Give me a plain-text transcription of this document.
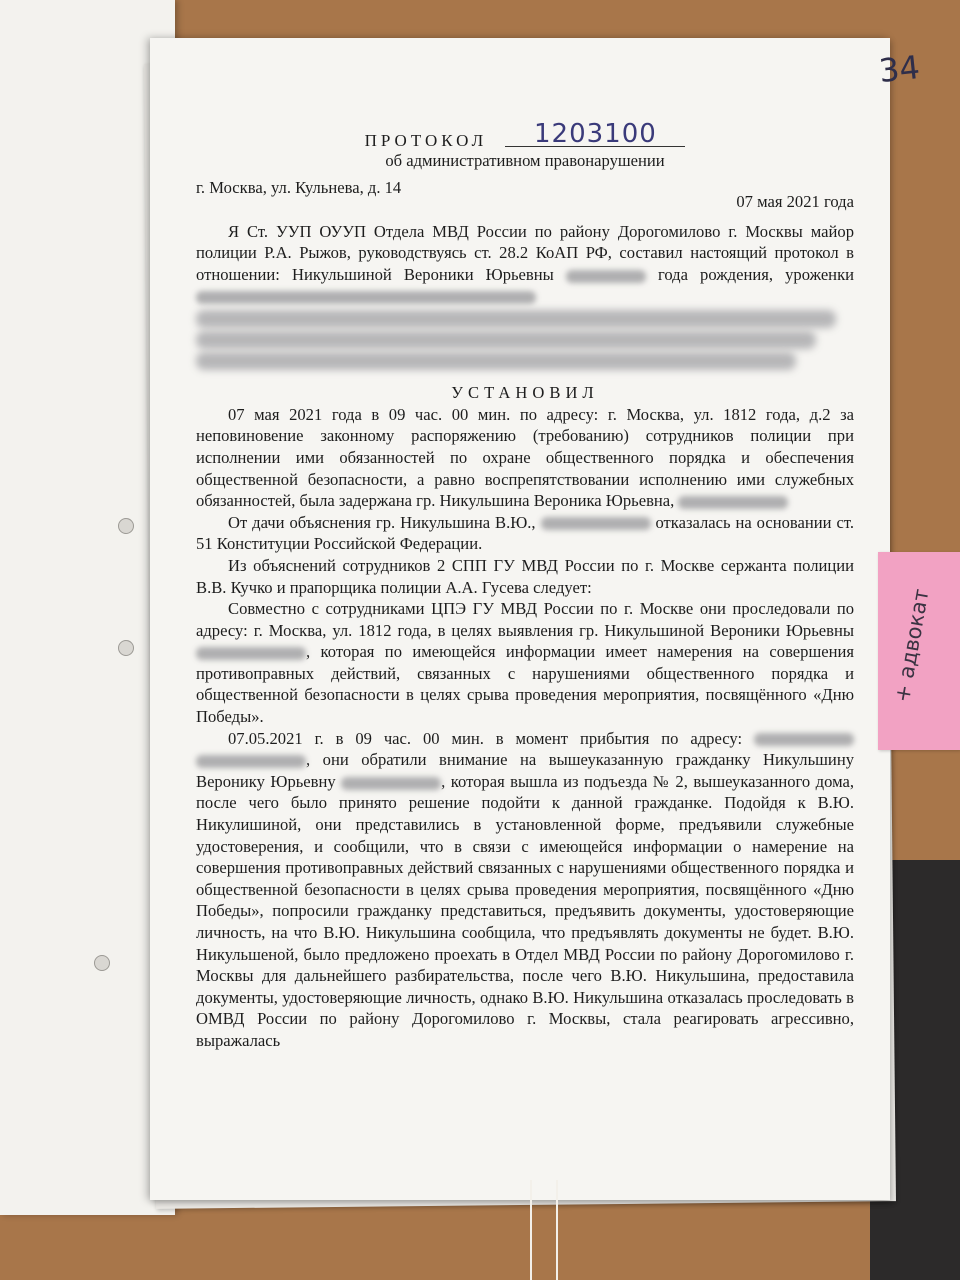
34
ПРОТОКОЛ 1203100
об административном правонарушении
г. Москва, ул. Кульнева, д. 14
07 мая 2021 года
Я Ст. УУП ОУУП Отдела МВД России по району Дорогомилово г. Москвы майор полиции Р.А. Рыжов, руководствуясь ст. 28.2 КоАП РФ, составил настоящий протокол в отношении: Никульшиной Вероники Юрьевны	года рождения, уроженки
УСТАНОВИЛ
07 мая 2021 года в 09 час. 00 мин. по адресу: г. Москва, ул. 1812 года, д.2 за неповиновение законному распоряжению (требованию) сотрудников полиции при исполнении ими обязанностей по охране общественного порядка и обеспечения общественной безопасности, а равно воспрепятствовании исполнению ими служебных обязанностей, была задержана гр. Никульшина Вероника Юрьевна,
От дачи объяснения гр. Никульшина В.Ю.,	отказалась на основании ст. 51 Конституции Российской Федерации.
Из объяснений сотрудников 2 СПП ГУ МВД России по г. Москве сержанта полиции В.В. Кучко и прапорщика полиции А.А. Гусева следует:
Совместно с сотрудниками ЦПЭ ГУ МВД России по г. Москве они проследовали по адресу: г. Москва, ул. 1812 года, в целях выявления гр. Никульшиной Вероники Юрьевны , которая по имеющейся информации имеет намерения на совершения противоправных действий, связанных с нарушениями общественного порядка и общественной безопасности в целях срыва проведения мероприятия, посвящённого «Дню Победы».
07.05.2021 г. в 09 час. 00 мин. в момент прибытия по адресу:  , они обратили внимание на вышеуказанную гражданку Никульшину Веронику Юрьевну	, которая вышла из подъезда № 2, вышеуказанного дома, после чего было принято решение подойти к данной гражданке. Подойдя к В.Ю. Никулишиной, они представились в установленной форме, предъявили служебные удостоверения, и сообщили, что в связи с имеющейся информации о намерение на совершения противоправных действий связанных с нарушениями общественного порядка и общественной безопасности в целях срыва проведения мероприятия, посвящённого «Дню Победы», попросили гражданку представиться, предъявить документы, удостоверяющие личность, на что В.Ю. Никульшина сообщила, что предъявлять документы не будет. В.Ю. Никульшеной, было предложено проехать в Отдел МВД России по району Дорогомилово г. Москвы для дальнейшего разбирательства, после чего В.Ю. Никульшина, предоставила документы, удостоверяющие личность, однако В.Ю. Никульшина отказалась проследовать в ОМВД России по району Дорогомилово г. Москвы, стала реагировать агрессивно, выражалась
+ адвокат
